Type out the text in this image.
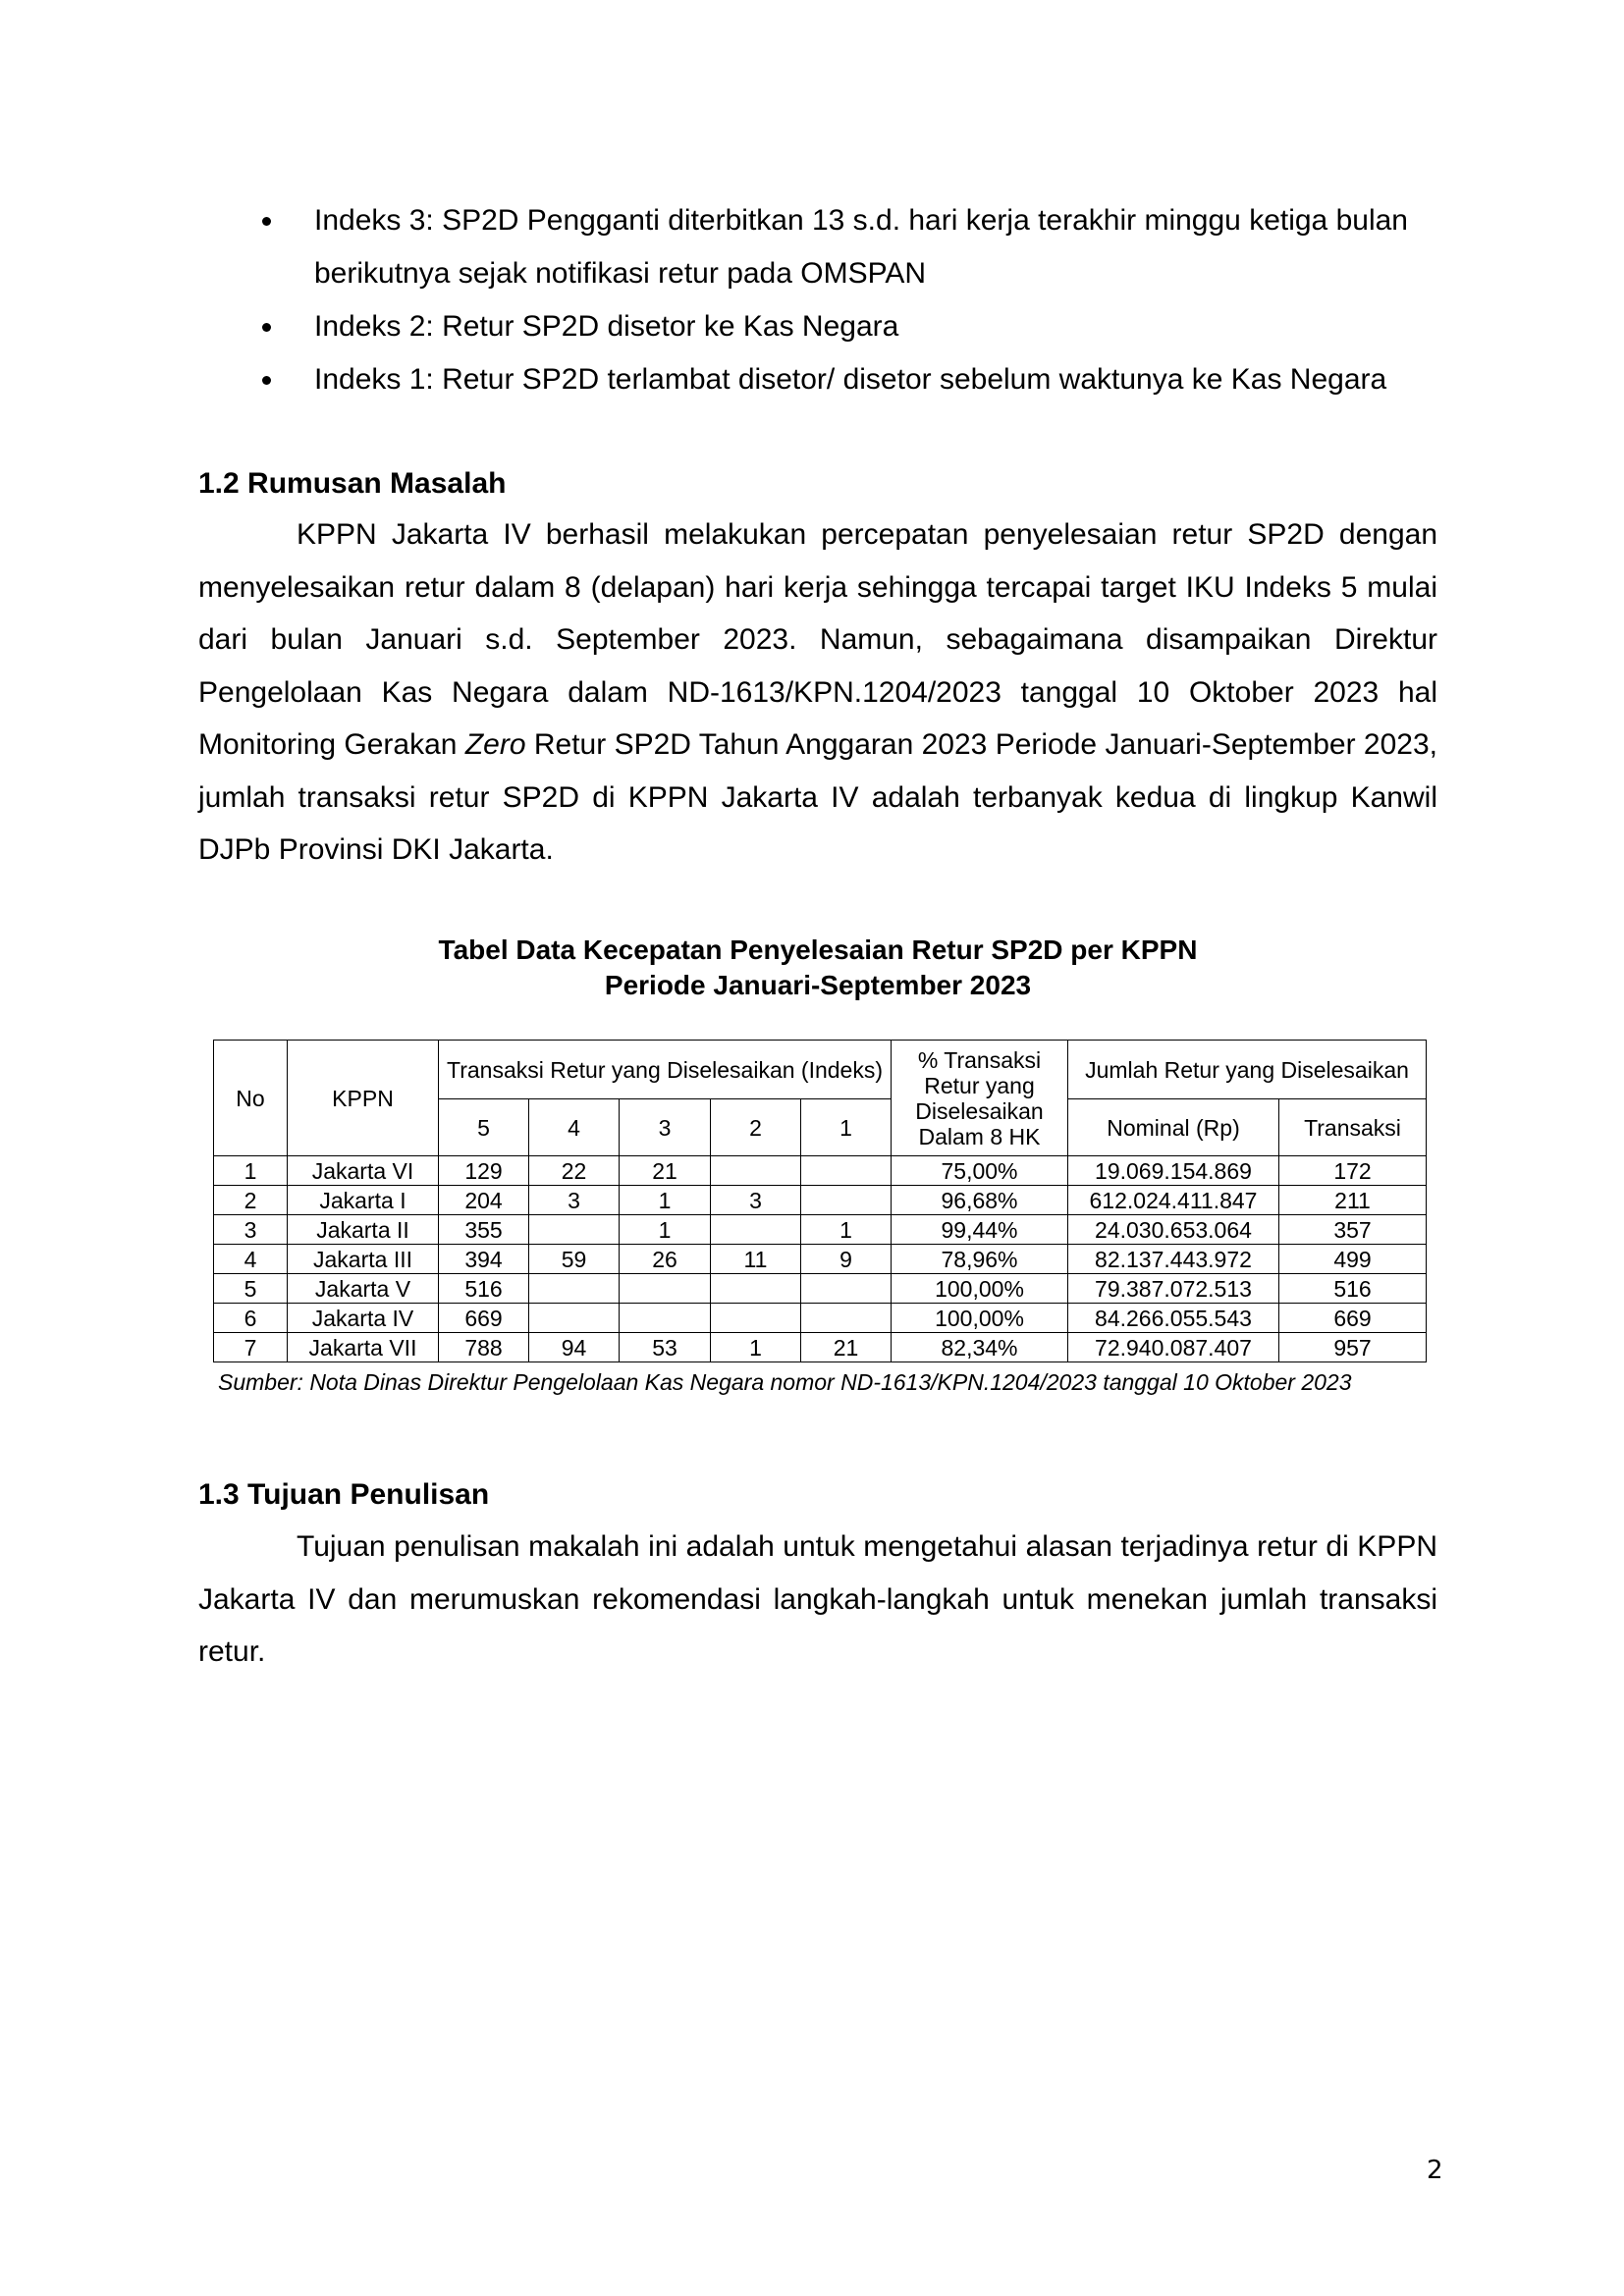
Indeks 3: SP2D Pengganti diterbitkan 13 s.d. hari kerja terakhir minggu ketiga bulan
berikutnya sejak notifikasi retur pada OMSPAN
Indeks 2: Retur SP2D disetor ke Kas Negara
Indeks 1: Retur SP2D terlambat disetor/ disetor sebelum waktunya ke Kas Negara
1.2 Rumusan Masalah

KPPN Jakarta IV berhasil melakukan percepatan penyelesaian retur SP2D dengan menyelesaikan retur dalam 8 (delapan) hari kerja sehingga tercapai target IKU Indeks 5 mulai dari bulan Januari s.d. September 2023. Namun, sebagaimana disampaikan Direktur Pengelolaan Kas Negara dalam ND-1613/KPN.1204/2023 tanggal 10 Oktober 2023 hal Monitoring Gerakan Zero Retur SP2D Tahun Anggaran 2023 Periode Januari-September 2023, jumlah transaksi retur SP2D di KPPN Jakarta IV adalah terbanyak kedua di lingkup Kanwil DJPb Provinsi DKI Jakarta.

Tabel Data Kecepatan Penyelesaian Retur SP2D per KPPN
Periode Januari-September 2023
No	KPPN	Transaksi Retur yang Diselesaikan (Indeks)					% Transaksi Retur yang Diselesaikan Dalam 8 HK	Jumlah Retur yang Diselesaikan	
		5	4	3	2	1		Nominal (Rp)	Transaksi
1	Jakarta VI	129	22	21			75,00%	19.069.154.869	172
2	Jakarta I	204	3	1	3		96,68%	612.024.411.847	211
3	Jakarta II	355		1		1	99,44%	24.030.653.064	357
4	Jakarta III	394	59	26	11	9	78,96%	82.137.443.972	499
5	Jakarta V	516					100,00%	79.387.072.513	516
6	Jakarta IV	669					100,00%	84.266.055.543	669
7	Jakarta VII	788	94	53	1	21	82,34%	72.940.087.407	957
Sumber: Nota Dinas Direktur Pengelolaan Kas Negara nomor ND-1613/KPN.1204/2023 tanggal 10 Oktober 2023
1.3 Tujuan Penulisan

Tujuan penulisan makalah ini adalah untuk mengetahui alasan terjadinya retur di KPPN Jakarta IV dan merumuskan rekomendasi langkah-langkah untuk menekan jumlah transaksi retur.

2
